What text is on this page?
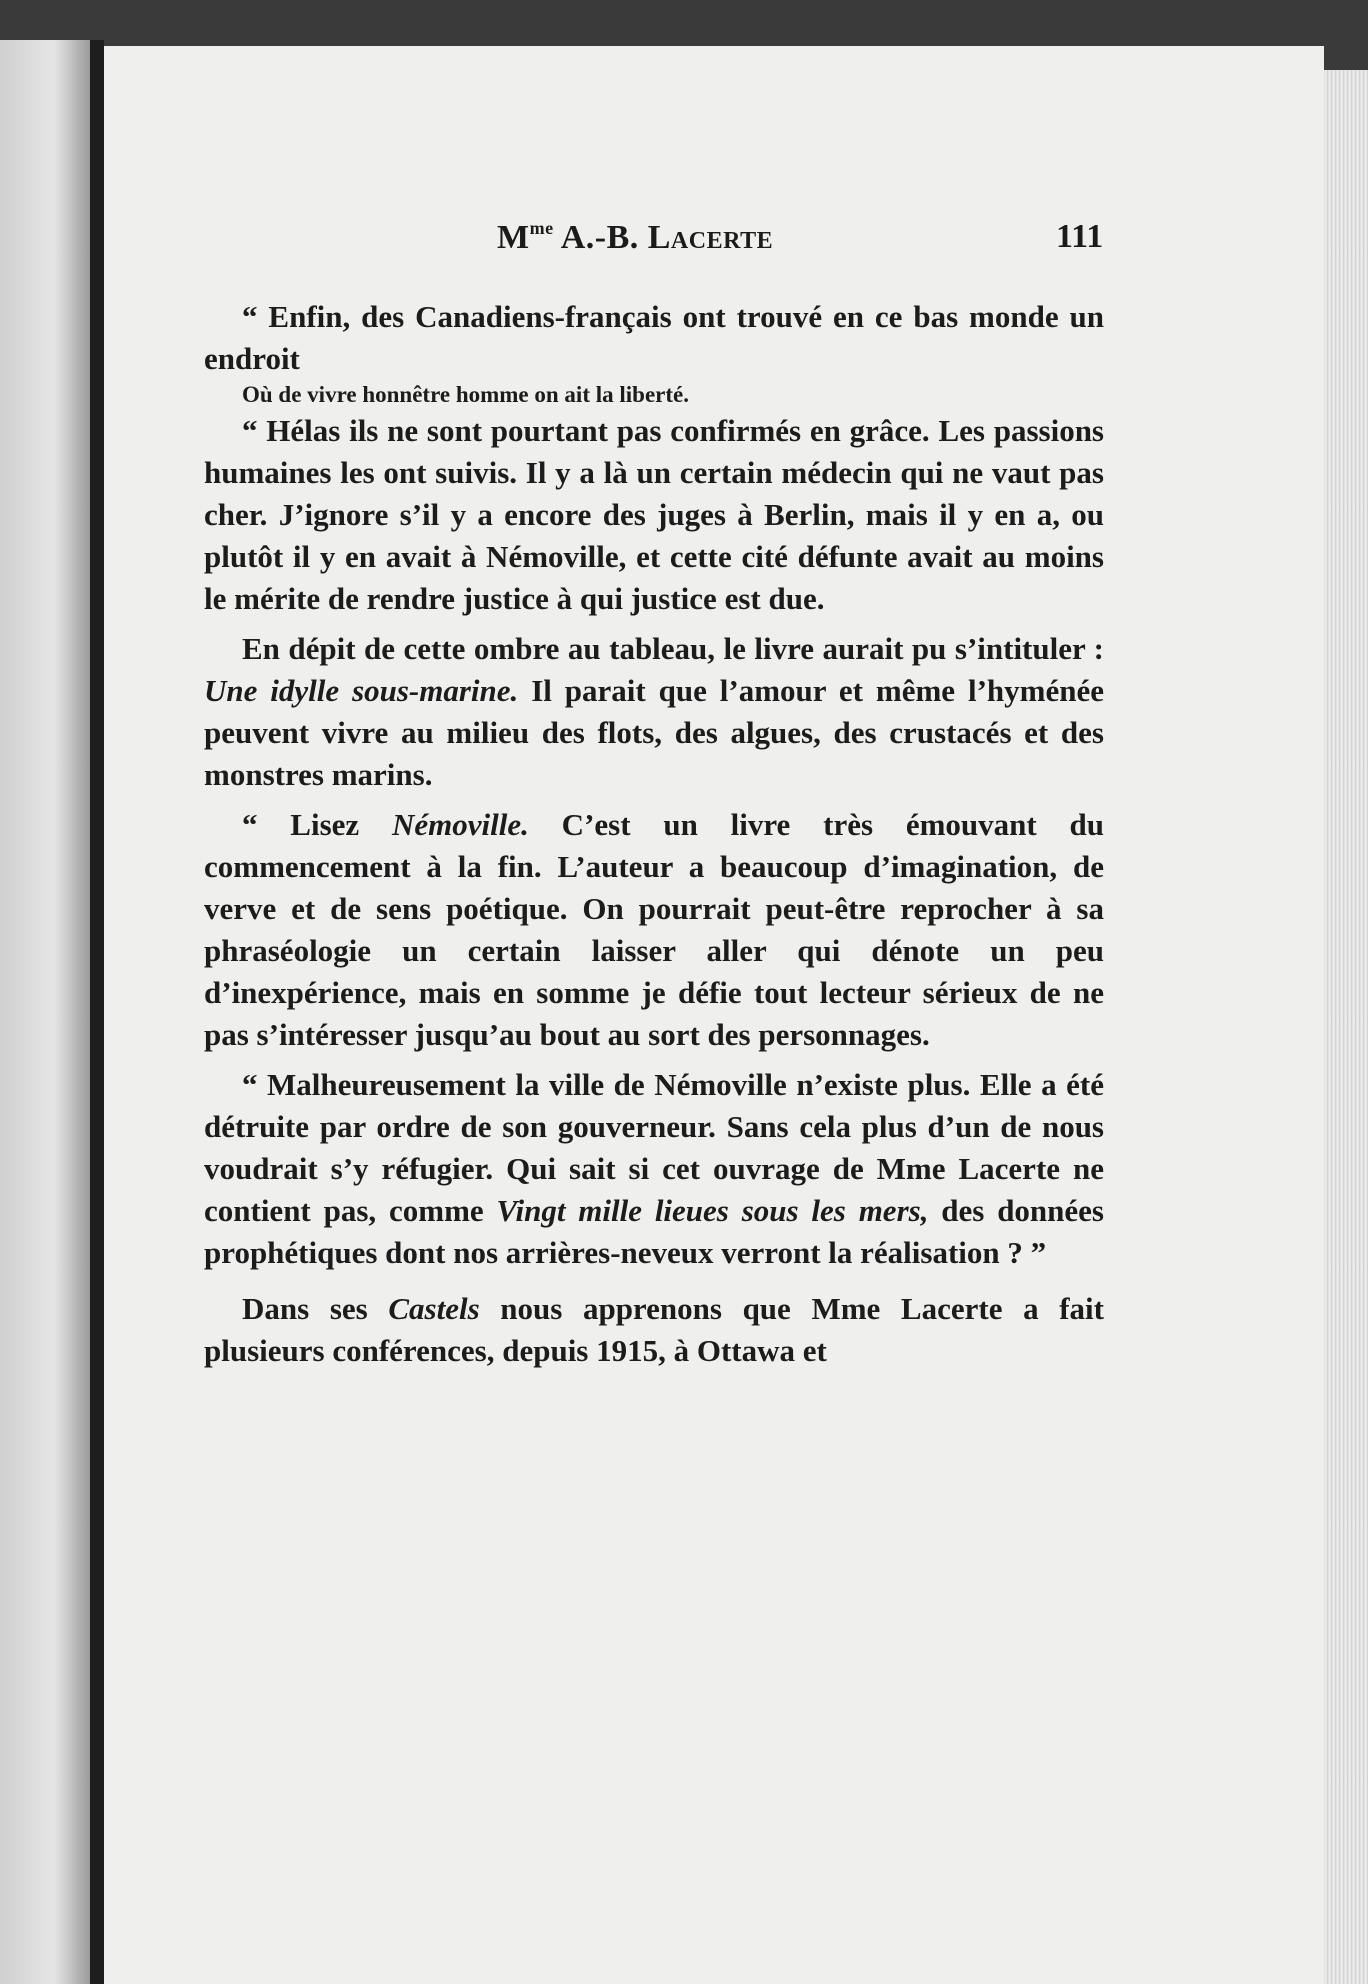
$M^{me}$ A.-B. Lacerte	111

“ Enfin, des Canadiens-français ont trouvé en ce bas monde un endroit

Où de vivre honnêtre homme on ait la liberté.

“ Hélas ils ne sont pourtant pas confirmés en grâce. Les passions humaines les ont suivis. Il y a là un certain médecin qui ne vaut pas cher. J’ignore s’il y a encore des juges à Berlin, mais il y en a, ou plutôt il y en avait à Némoville, et cette cité défunte avait au moins le mérite de rendre justice à qui justice est due.

En dépit de cette ombre au tableau, le livre aurait pu s’intituler : Une idylle sous-marine. Il parait que l’amour et même l’hyménée peuvent vivre au milieu des flots, des algues, des crustacés et des monstres marins.

“ Lisez Némoville. C’est un livre très émouvant du commencement à la fin. L’auteur a beaucoup d’imagination, de verve et de sens poétique. On pourrait peut-être reprocher à sa phraséologie un certain laisser aller qui dénote un peu d’inexpérience, mais en somme je défie tout lecteur sérieux de ne pas s’intéresser jusqu’au bout au sort des personnages.

“ Malheureusement la ville de Némoville n’existe plus. Elle a été détruite par ordre de son gouverneur. Sans cela plus d’un de nous voudrait s’y réfugier. Qui sait si cet ouvrage de Mme Lacerte ne contient pas, comme Vingt mille lieues sous les mers, des données prophétiques dont nos arrières-neveux verront la réalisation ? ”

Dans ses Castels nous apprenons que Mme Lacerte a fait plusieurs conférences, depuis 1915, à Ottawa et
